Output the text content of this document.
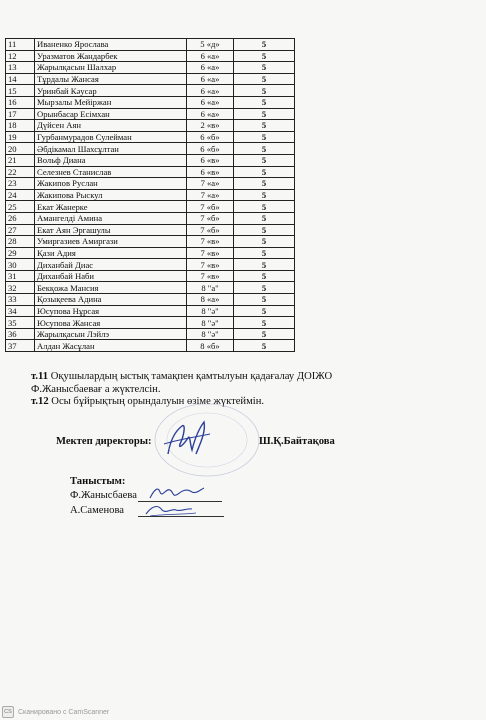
11	Иваненко Ярослава	5 «д»	5
12	Уразматов Жандарбек	6 «а»	5
13	Жарылқасын Шалхар	6 «а»	5
14	Тұрдалы Жансая	6 «а»	5
15	Уринбай Кәусар	6 «а»	5
16	Мырзалы Мейіржан	6 «а»	5
17	Орынбасар Есімхан	6 «а»	5
18	Дүйсен Аян	2 «в»	5
19	Гурбанмурадов Сулейман	6 «б»	5
20	Әбдікамал Шахсұлтан	6 «б»	5
21	Вольф Диана	6 «в»	5
22	Селезнев Станислав	6 «в»	5
23	Жакипов Руслан	7 «а»	5
24	Жакипова Рыскул	7 «а»	5
25	Екат Жанерке	7 «б»	5
26	Амангелді Амина	7 «б»	5
27	Екат Аян Эргашулы	7 «б»	5
28	Умиргазиев Амиргази	7 «в»	5
29	Қази Адия	7 «в»	5
30	Диханбай Диас	7 «в»	5
31	Диханбай Наби	7 «в»	5
32	Бекқожа Мансия	8 "а"	5
33	Қозықеева Адина	8 «а»	5
34	Юсупова Нұрсая	8 "ә"	5
35	Юсупова Жансая	8 "ә"	5
36	Жарылқасын Лэйлэ	8 "ә"	5
37	Алдан Жасұлан	8 «б»	5
т.11 Оқушылардың ыстық тамақпен қамтылуын қадағалау ДОІЖО
Ф.Жанысбаевағ а жүктелсін.
т.12 Осы бұйрықтың орындалуын өзіме жүктеймін.
Мектеп директоры:	Ш.Қ.Байтақова
Таныстым:
Ф.Жанысбаева
А.Саменова
CS Сканировано с CamScanner
